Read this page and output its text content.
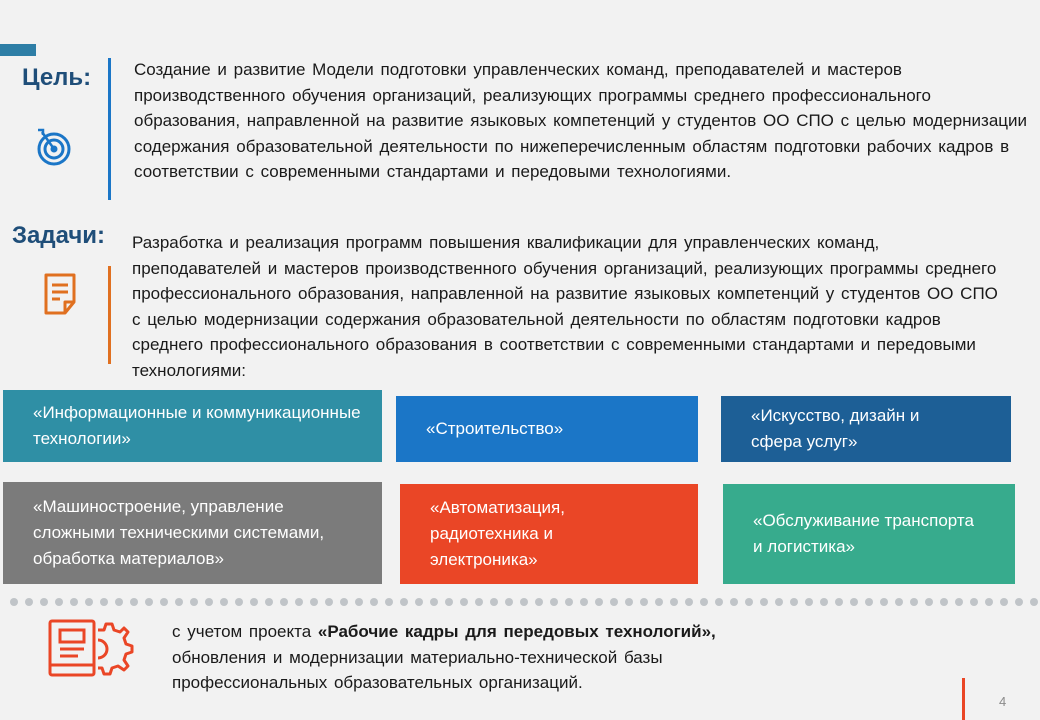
Цель:	Создание и развитие Модели подготовки управленческих команд, преподавателей и мастеров производственного обучения организаций, реализующих программы среднего профессионального образования, направленной на развитие языковых компетенций у студентов ОО СПО с целью модернизации содержания образовательной деятельности по нижеперечисленным областям подготовки рабочих кадров в соответствии с современными стандартами и передовыми технологиями.
Задачи: Разработка и реализация программ повышения квалификации для управленческих команд, преподавателей и мастеров производственного обучения организаций, реализующих программы среднего профессионального образования, направленной на развитие языковых компетенций у студентов ОО СПО с целью модернизации содержания образовательной деятельности по областям подготовки кадров среднего профессионального образования в соответствии с современными стандартами и передовыми технологиями:
«Информационные и коммуникационные технологии»
«Строительство»
«Искусство, дизайн и сфера услуг»
«Машиностроение, управление сложными техническими системами, обработка материалов»
«Автоматизация, радиотехника и электроника»
«Обслуживание транспорта и логистика»
с учетом проекта «Рабочие кадры для передовых технологий», обновления и модернизации материально-технической базы профессиональных образовательных организаций.
4
